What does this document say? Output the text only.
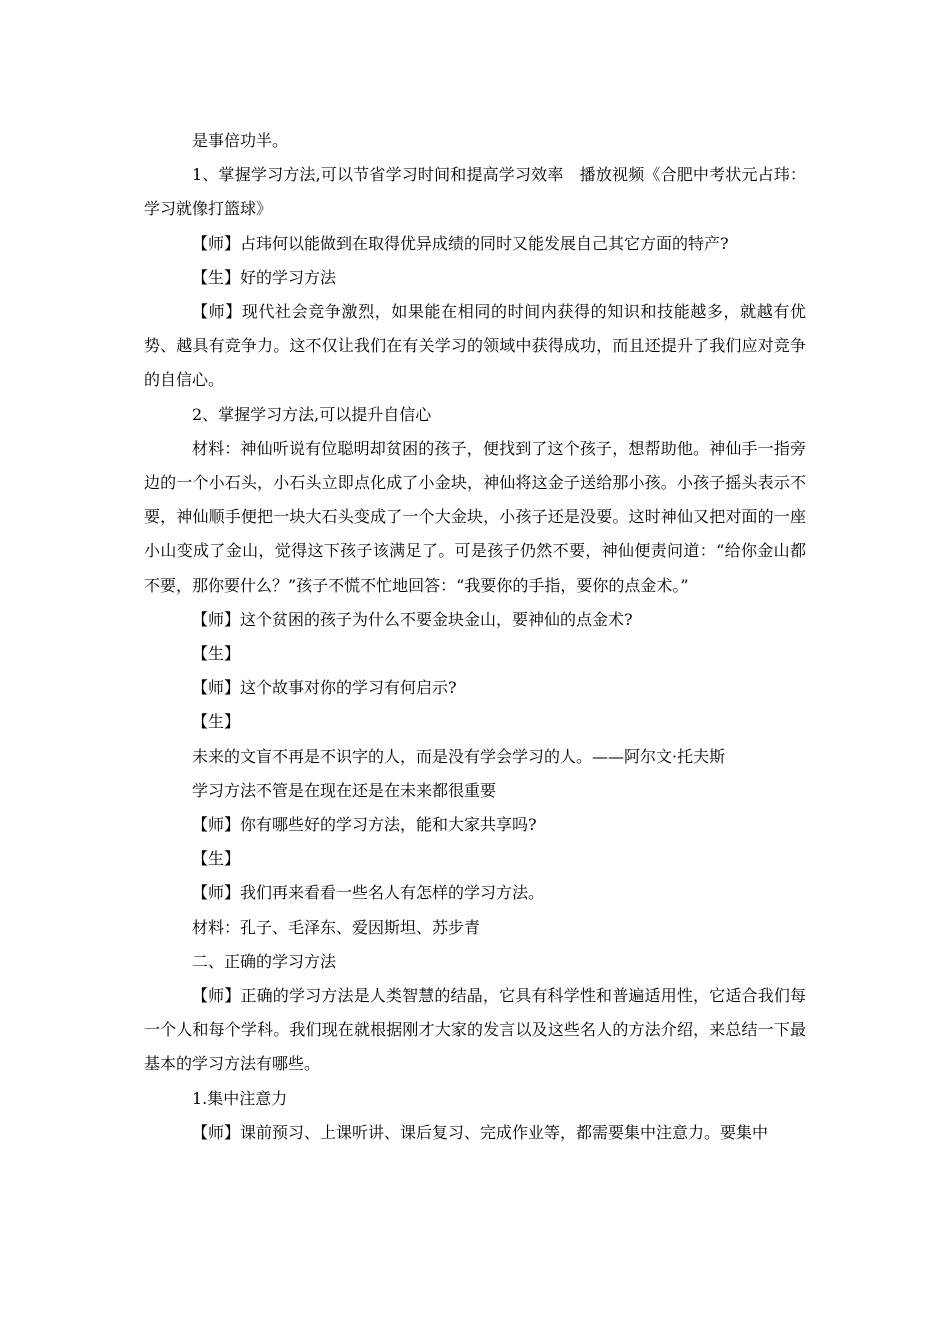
是事倍功半。

1、掌握学习方法,可以节省学习时间和提高学习效率　播放视频《合肥中考状元占玮：学习就像打篮球》

【师】占玮何以能做到在取得优异成绩的同时又能发展自己其它方面的特产?

【生】好的学习方法

【师】现代社会竞争激烈，如果能在相同的时间内获得的知识和技能越多，就越有优势、越具有竞争力。这不仅让我们在有关学习的领域中获得成功，而且还提升了我们应对竞争的自信心。

2、掌握学习方法,可以提升自信心

材料：神仙听说有位聪明却贫困的孩子，便找到了这个孩子，想帮助他。神仙手一指旁边的一个小石头，小石头立即点化成了小金块，神仙将这金子送给那小孩。小孩子摇头表示不要，神仙顺手便把一块大石头变成了一个大金块，小孩子还是没要。这时神仙又把对面的一座小山变成了金山，觉得这下孩子该满足了。可是孩子仍然不要，神仙便责问道：“给你金山都不要，那你要什么？”孩子不慌不忙地回答：“我要你的手指，要你的点金术。”

【师】这个贫困的孩子为什么不要金块金山，要神仙的点金术?

【生】

【师】这个故事对你的学习有何启示?

【生】

未来的文盲不再是不识字的人，而是没有学会学习的人。——阿尔文·托夫斯

学习方法不管是在现在还是在未来都很重要

【师】你有哪些好的学习方法，能和大家共享吗?

【生】

【师】我们再来看看一些名人有怎样的学习方法。

材料：孔子、毛泽东、爱因斯坦、苏步青

二、正确的学习方法

【师】正确的学习方法是人类智慧的结晶，它具有科学性和普遍适用性，它适合我们每一个人和每个学科。我们现在就根据刚才大家的发言以及这些名人的方法介绍，来总结一下最基本的学习方法有哪些。

1.集中注意力

【师】课前预习、上课听讲、课后复习、完成作业等，都需要集中注意力。要集中
